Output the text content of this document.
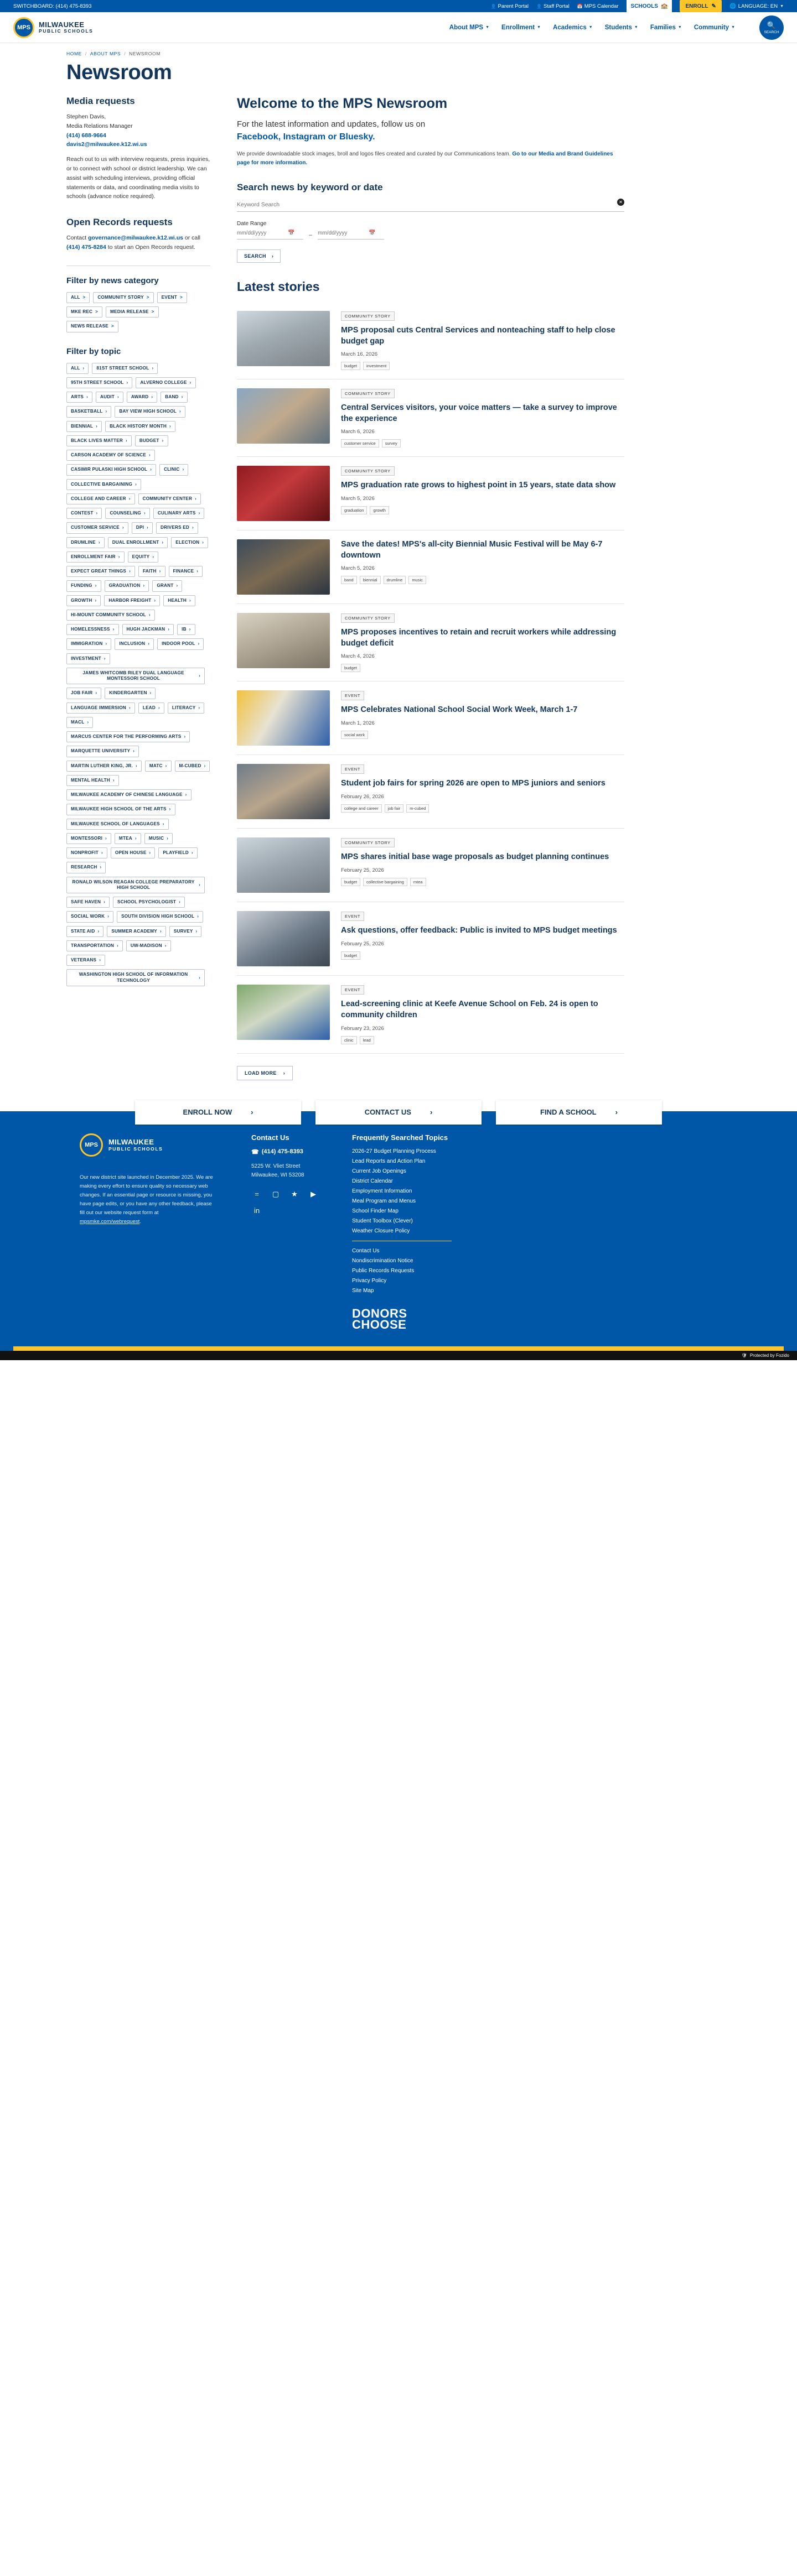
SWITCHBOARD: (414) 475-8393	👤 Parent Portal 👤 Staff Portal 📅 MPS Calendar SCHOOLS 🏫	ENROLL ✎	🌐 LANGUAGE: EN ▼
MPS MILWAUKEE
PUBLIC SCHOOLS
About MPS ▼ Enrollment ▼ Academics ▼ Students ▼ Families ▼ Community ▼	🔍
SEARCH
HOME / ABOUT MPS / NEWSROOM
Newsroom
Media requests
Stephen Davis,
Media Relations Manager
(414) 688-9664
davis2@milwaukee.k12.wi.us
Reach out to us with interview requests, press inquiries, or to connect with school or district leadership. We can assist with scheduling interviews, providing official statements or data, and coordinating media visits to schools (advance notice required).
Open Records requests
Contact governance@milwaukee.k12.wi.us or call (414) 475-8284 to start an Open Records request.
Filter by news category
ALL >	COMMUNITY STORY >	EVENT >
MKE REC >	MEDIA RELEASE >
NEWS RELEASE >
Filter by topic
ALL ›	81ST STREET SCHOOL ›
95TH STREET SCHOOL ›	ALVERNO COLLEGE ›
ARTS ›	AUDIT ›	AWARD ›	BAND ›
BASKETBALL ›	BAY VIEW HIGH SCHOOL ›
BIENNIAL ›	BLACK HISTORY MONTH ›
BLACK LIVES MATTER ›	BUDGET ›
CARSON ACADEMY OF SCIENCE ›
CASIMIR PULASKI HIGH SCHOOL ›	CLINIC ›
COLLECTIVE BARGAINING ›
COLLEGE AND CAREER ›	COMMUNITY CENTER ›
CONTEST ›	COUNSELING ›	CULINARY ARTS ›
CUSTOMER SERVICE ›	DPI ›	DRIVERS ED ›
DRUMLINE ›	DUAL ENROLLMENT ›	ELECTION ›
ENROLLMENT FAIR ›	EQUITY ›
EXPECT GREAT THINGS ›	FAITH ›	FINANCE ›
FUNDING ›	GRADUATION ›	GRANT ›
GROWTH ›	HARBOR FREIGHT ›	HEALTH ›
HI-MOUNT COMMUNITY SCHOOL ›
HOMELESSNESS ›	HUGH JACKMAN ›	IB ›
IMMIGRATION ›	INCLUSION ›	INDOOR POOL ›
INVESTMENT ›
JAMES WHITCOMB RILEY DUAL LANGUAGE MONTESSORI SCHOOL
›
JOB FAIR ›	KINDERGARTEN ›
LANGUAGE IMMERSION ›	LEAD ›	LITERACY ›
MACL ›
MARCUS CENTER FOR THE PERFORMING ARTS ›
MARQUETTE UNIVERSITY ›
MARTIN LUTHER KING, JR. ›	MATC ›	M-CUBED ›
MENTAL HEALTH ›
MILWAUKEE ACADEMY OF CHINESE LANGUAGE ›
MILWAUKEE HIGH SCHOOL OF THE ARTS ›
MILWAUKEE SCHOOL OF LANGUAGES ›
MONTESSORI ›	MTEA ›	MUSIC ›
NONPROFIT ›	OPEN HOUSE ›	PLAYFIELD ›
RESEARCH ›
RONALD WILSON REAGAN COLLEGE PREPARATORY HIGH SCHOOL
›
SAFE HAVEN ›	SCHOOL PSYCHOLOGIST ›
SOCIAL WORK ›	SOUTH DIVISION HIGH SCHOOL ›
STATE AID ›	SUMMER ACADEMY ›	SURVEY ›
TRANSPORTATION ›	UW-MADISON ›
VETERANS ›
WASHINGTON HIGH SCHOOL OF INFORMATION TECHNOLOGY
›
Welcome to the MPS Newsroom
For the latest information and updates, follow us on
Facebook, Instagram or Bluesky.
We provide downloadable stock images, broll and logos files created and curated by our Communications team. Go to our Media and Brand Guidelines page for more information.
Search news by keyword or date
Keyword Search
✕
Date Range
mm/dd/yyyy
📅 –
mm/dd/yyyy	📅
SEARCH ›
Latest stories
COMMUNITY STORY
MPS proposal cuts Central Services and nonteaching staff to help close budget gap
March 16, 2026
budget	investment
COMMUNITY STORY
Central Services visitors, your voice matters — take a survey to improve the experience
March 6, 2026
customer service	survey
COMMUNITY STORY
MPS graduation rate grows to highest point in 15 years, state data show
March 5, 2026
graduation	growth
Save the dates! MPS's all-city Biennial Music Festival will be May 6-7 downtown
March 5, 2026
band	biennial	drumline	music
COMMUNITY STORY
MPS proposes incentives to retain and recruit workers while addressing budget deficit
March 4, 2026
budget
EVENT
MPS Celebrates National School Social Work Week, March 1-7
March 1, 2026
social work
EVENT
Student job fairs for spring 2026 are open to MPS juniors and seniors
February 26, 2026
college and career	job fair	m-cubed
COMMUNITY STORY
MPS shares initial base wage proposals as budget planning continues
February 25, 2026
budget	collective bargaining	mtea
EVENT
Ask questions, offer feedback: Public is invited to MPS budget meetings
February 25, 2026
budget
EVENT
Lead-screening clinic at Keefe Avenue School on Feb. 24 is open to community children
February 23, 2026
clinic	lead
LOAD MORE ›
ENROLL NOW	›	CONTACT US	›	FIND A SCHOOL	›
MPS MILWAUKEE
PUBLIC SCHOOLS
Our new district site launched in December 2025. We are making every effort to ensure quality so necessary web changes. If an essential page or resource is missing, you have page edits, or you have any other feedback, please fill out our website request form at mpsmke.com/webrequest.
Contact Us
☎ (414) 475-8393
5225 W. Vliet Street
Milwaukee, WI 53208
=	▢	★	▶
in
Frequently Searched Topics
2026-27 Budget Planning Process
Lead Reports and Action Plan
Current Job Openings
District Calendar
Employment Information
Meal Program and Menus
School Finder Map
Student Toolbox (Clever)
Weather Closure Policy
Contact Us
Nondiscrimination Notice
Public Records Requests
Privacy Policy
Site Map
DONORS
CHOOSE
🛡 Protected by Fozido
